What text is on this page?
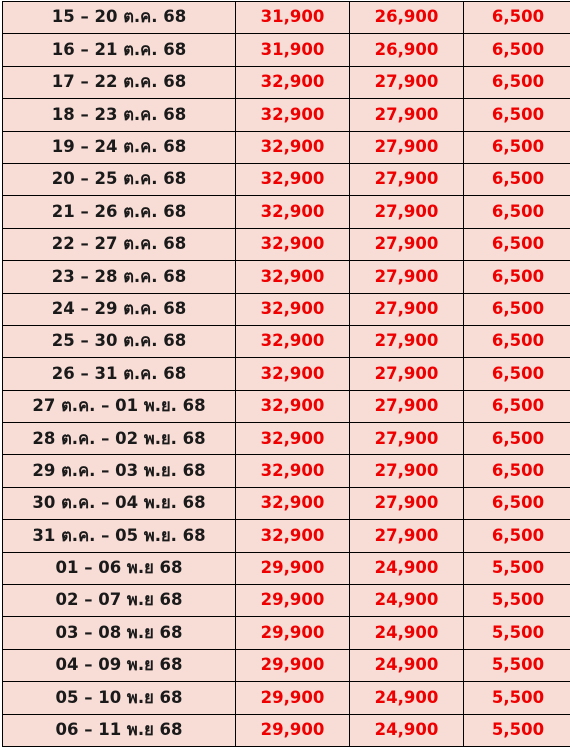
15 – 20 ต.ค. 68	31,900	26,900	6,500
16 – 21 ต.ค. 68	31,900	26,900	6,500
17 – 22 ต.ค. 68	32,900	27,900	6,500
18 – 23 ต.ค. 68	32,900	27,900	6,500
19 – 24 ต.ค. 68	32,900	27,900	6,500
20 – 25 ต.ค. 68	32,900	27,900	6,500
21 – 26 ต.ค. 68	32,900	27,900	6,500
22 – 27 ต.ค. 68	32,900	27,900	6,500
23 – 28 ต.ค. 68	32,900	27,900	6,500
24 – 29 ต.ค. 68	32,900	27,900	6,500
25 – 30 ต.ค. 68	32,900	27,900	6,500
26 – 31 ต.ค. 68	32,900	27,900	6,500
27 ต.ค. – 01 พ.ย. 68	32,900	27,900	6,500
28 ต.ค. – 02 พ.ย. 68	32,900	27,900	6,500
29 ต.ค. – 03 พ.ย. 68	32,900	27,900	6,500
30 ต.ค. – 04 พ.ย. 68	32,900	27,900	6,500
31 ต.ค. – 05 พ.ย. 68	32,900	27,900	6,500
01 – 06 พ.ย 68	29,900	24,900	5,500
02 – 07 พ.ย 68	29,900	24,900	5,500
03 – 08 พ.ย 68	29,900	24,900	5,500
04 – 09 พ.ย 68	29,900	24,900	5,500
05 – 10 พ.ย 68	29,900	24,900	5,500
06 – 11 พ.ย 68	29,900	24,900	5,500
